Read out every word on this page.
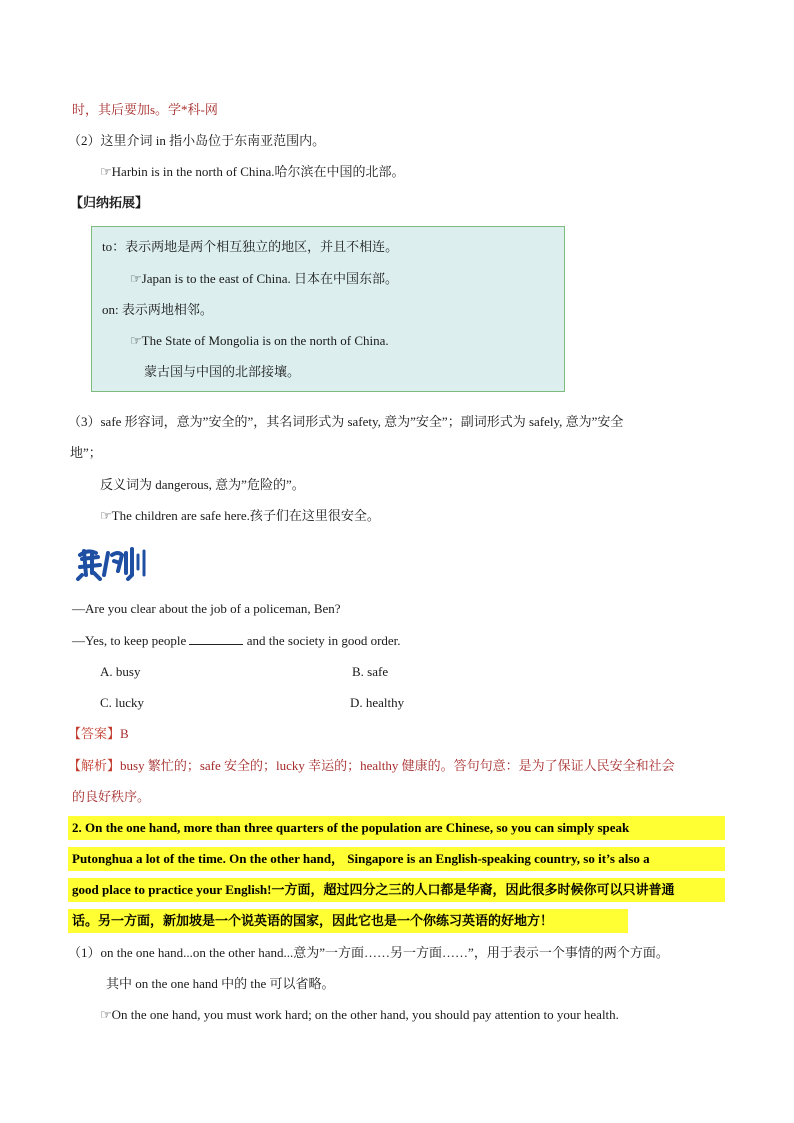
时，其后要加s。学*科-网
（2）这里介词 in 指小岛位于东南亚范围内。
☞Harbin is in the north of China.哈尔滨在中国的北部。
【归纳拓展】
to：表示两地是两个相互独立的地区，并且不相连。
☞Japan is to the east of China. 日本在中国东部。
on: 表示两地相邻。
☞The State of Mongolia is on the north of China.
蒙古国与中国的北部接壤。
（3）safe 形容词，意为”安全的”，其名词形式为 safety, 意为”安全”；副词形式为 safely, 意为”安全
地”；
反义词为 dangerous, 意为”危险的”。
☞The children are safe here.孩子们在这里很安全。
—Are you clear about the job of a policeman, Ben?
—Yes, to keep people	and the society in good order.
A. busy	B. safe
C. lucky	D. healthy
【答案】B
【解析】busy 繁忙的；safe 安全的；lucky 幸运的；healthy 健康的。答句句意：是为了保证人民安全和社会
的良好秩序。
2. On the one hand, more than three quarters of the population are Chinese, so you can simply speak
Putonghua a lot of the time. On the other hand， Singapore is an English-speaking country, so it’s also a
good place to practice your English!一方面，超过四分之三的人口都是华裔，因此很多时候你可以只讲普通
话。另一方面，新加坡是一个说英语的国家，因此它也是一个你练习英语的好地方！
（1）on the one hand...on the other hand...意为”一方面……另一方面……”，用于表示一个事情的两个方面。
其中 on the one hand 中的 the 可以省略。
☞On the one hand, you must work hard; on the other hand, you should pay attention to your health.
